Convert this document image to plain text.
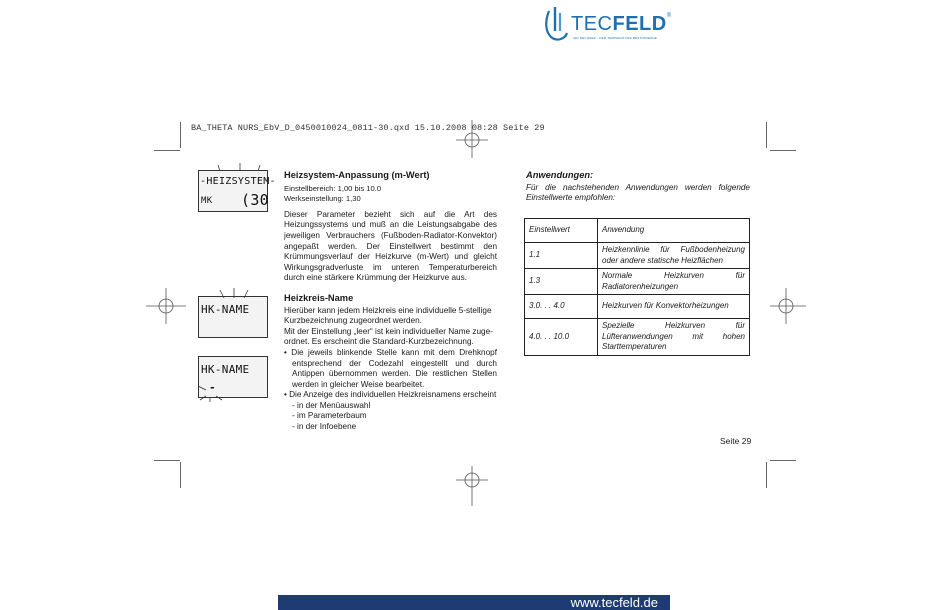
BA_THETA NURS_EbV_D_0450010024_0811-30.qxd 15.10.2008 08:28 Seite 29
TECFELD®
IHR RECHNER - DER TEMPERATURE BESTIMMENDE
-HEIZSYSTEM-
ΜK (30
HK-NAME
HK-NAME
-
Heizsystem-Anpassung (m-Wert)
Einstellbereich: 1,00 bis 10.0
Werkseinstellung: 1,30
Dieser Parameter bezieht sich auf die Art des Heizungssystems und muß an die Leistungsabgabe des jeweiligen Verbrauchers (Fußboden-Radiator-Konvektor) angepaßt werden. Der Einstellwert bestimmt den Krümmungsverlauf der Heizkurve (m-Wert) und gleicht Wirkungsgradverluste im unteren Temperaturbereich durch eine stärkere Krümmung der Heizkurve aus.
Heizkreis-Name
Hierüber kann jedem Heizkreis eine individuelle 5-stellige
Kurzbezeichnung zugeordnet werden.
Mit der Einstellung „leer“ ist kein individueller Name zuge-
ordnet. Es erscheint die Standard-Kurzbezeichnung.
• Die jeweils blinkende Stelle kann mit dem Drehknopf entsprechend der Codezahl eingestellt und durch Antippen übernommen werden. Die restlichen Stellen werden in gleicher Weise bearbeitet.
• Die Anzeige des individuellen Heizkreisnamens erscheint
- in der Menüauswahl
- im Parameterbaum
- in der Infoebene
Anwendungen:
Für die nachstehenden Anwendungen werden folgende Einstellwerte empfohlen:
Einstellwert	Anwendung
1.1	Heizkennlinie für Fußbodenheizung oder andere statische Heizflächen
1.3	Normale Heizkurven für Radiatorenheizungen
3.0. . . 4.0	Heizkurven für Konvektorheizungen
4.0. . . 10.0	Spezielle Heizkurven für Lüfteranwendungen mit hohen Starttemperaturen
Seite 29
www.tecfeld.de
